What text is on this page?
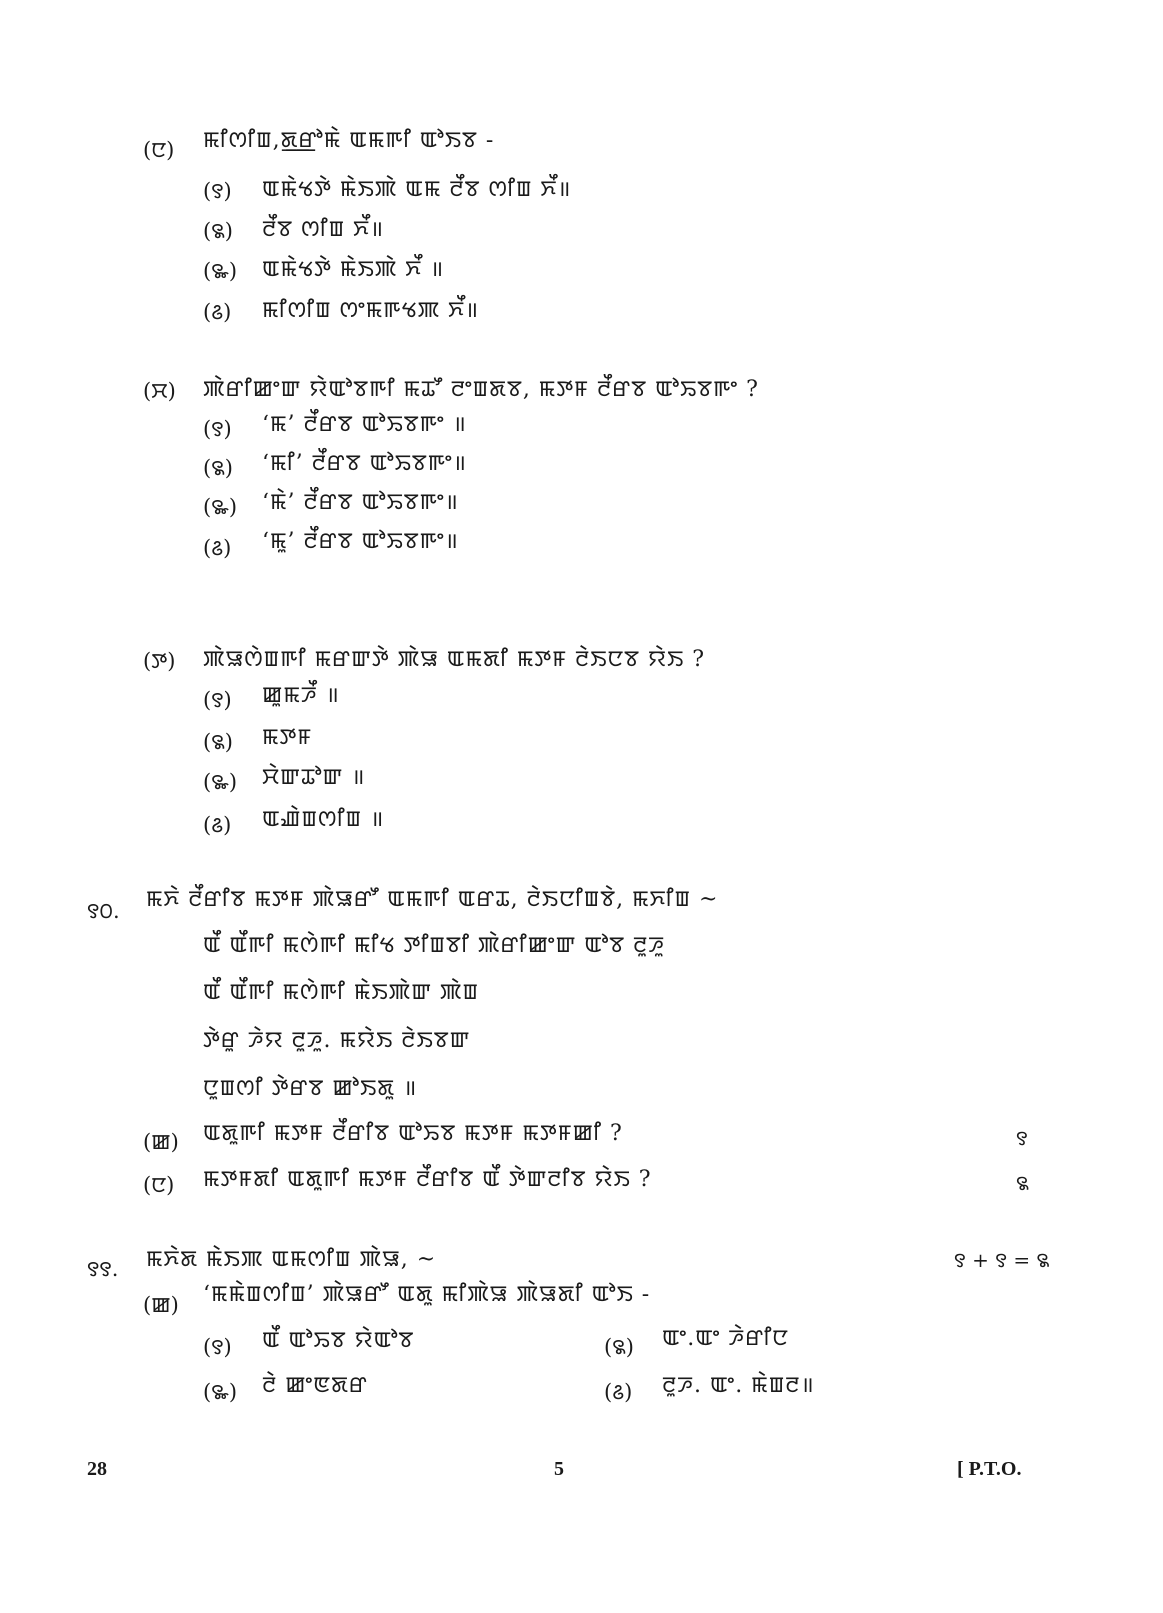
(ꯅ) ꯃꯤꯁꯤꯡ,ꯗ꯭ꯔꯣꯃꯥ ꯑꯃꯒꯤ ꯑꯣꯏꯕ -
(꯱) ꯑꯃꯥꯠꯇꯥ ꯃꯥꯏꯄꯥ ꯑꯃ ꯂꯩꯕ ꯁꯤꯡ ꯈꯩ॥
(꯲) ꯂꯩꯕ ꯁꯤꯡ ꯈꯩ॥
(꯳) ꯑꯃꯥꯠꯇꯥ ꯃꯥꯏꯄꯥ ꯈꯩ ॥
(꯴) ꯃꯤꯁꯤꯡ ꯁꯦꯃꯒꯠꯄ ꯈꯩ॥
(ꯆ) ꯄꯥꯔꯤꯀꯦꯛ ꯌꯥꯑꯣꯕꯒꯤ ꯃꯊꯧ ꯂꯦꯡꯗꯕ, ꯃꯇꯝ ꯂꯩꯔꯕ ꯑꯣꯢꯕꯒꯦ ?
(꯱) ‘ꯃ’ ꯂꯩꯔꯕ ꯑꯣꯢꯕꯒꯦ ॥
(꯲) ‘ꯃꯤ’ ꯂꯩꯔꯕ ꯑꯣꯢꯕꯒꯦ॥
(꯳) ‘ꯃꯥ’ ꯂꯩꯔꯕ ꯑꯣꯢꯕꯒꯦ॥
(꯴) ‘ꯃꯨ’ ꯂꯩꯔꯕ ꯑꯣꯢꯕꯒꯦ॥
(ꯇ) ꯄꯥꯎꯁꯥꯡꯒꯤ ꯃꯔꯛꯇꯥ ꯄꯥꯎ ꯑꯃꯗꯤ ꯃꯇꯝ ꯂꯥꯏꯅꯕ ꯌꯥꯏ ?
(꯱) ꯀꯨꯃꯍꯩ ॥
(꯲) ꯃꯇꯝ
(꯳) ꯆꯥꯛꯊꯣꯛ ॥
(꯴) ꯑꯉꯥꯡꯁꯤꯡ ॥
꯱꯰. ꯃꯈꯥ ꯂꯩꯔꯤꯕ ꯃꯇꯝ ꯄꯥꯎꯔꯧ ꯑꯃꯒꯤ ꯑꯔꯊ, ꯂꯥꯏꯅꯤꯡꯕꯥ, ꯃꯈꯤꯡ ~
ꯑꯩ ꯑꯩꯒꯤ ꯃꯁꯥꯒꯤ ꯃꯤꯠ ꯇꯤꯡꯕꯤ ꯄꯥꯔꯤꯀꯦꯛ ꯑꯣꯕ ꯂꯨꯍꯨ
ꯑꯩ ꯑꯩꯒꯤ ꯃꯁꯥꯒꯤ ꯃꯥꯏꯄꯥꯛ ꯄꯥꯡ
ꯇꯥꯔꯨ ꯍꯥꯌ ꯂꯨꯍꯨ. ꯃꯌꯥꯏ ꯂꯥꯏꯕꯛ
ꯅꯨꯡꯁꯤ ꯇꯥꯔꯕ ꯀꯣꯏꯗꯨ ॥
(ꯀ) ꯑꯗꯨꯒꯤ ꯃꯇꯝ ꯂꯩꯔꯤꯕ ꯑꯣꯢꯕ ꯃꯇꯝ ꯃꯇꯝꯀꯤ ?	꯱
(ꯅ) ꯃꯇꯝꯗꯤ ꯑꯗꯨꯒꯤ ꯃꯇꯝ ꯂꯩꯔꯤꯕ ꯑꯩ ꯇꯥꯛꯂꯤꯕ ꯌꯥꯏ ?	꯲
꯱꯱. ꯃꯈꯥꯗ ꯃꯥꯏꯄ ꯑꯃꯁꯤꯡ ꯄꯥꯎ, ~	꯱ + ꯱ = ꯲
(ꯀ) ‘ꯃꯃꯥꯡꯁꯤꯡ’ ꯄꯥꯎꯔꯧ ꯑꯗꯨ ꯃꯤꯄꯥꯎ ꯄꯥꯎꯗꯤ ꯑꯣꯏ -
(꯱) ꯑꯩ ꯑꯣꯢꯕ ꯌꯥꯑꯣꯕ	(꯲) ꯑꯦ.ꯑꯦ ꯍꯥꯔꯤꯅ
(꯳) ꯂꯥ ꯀꯦꯟꯗꯔ	(꯴) ꯂꯨꯍ. ꯑꯦ. ꯃꯥꯡꯂ॥
28	5	[ P.T.O.
